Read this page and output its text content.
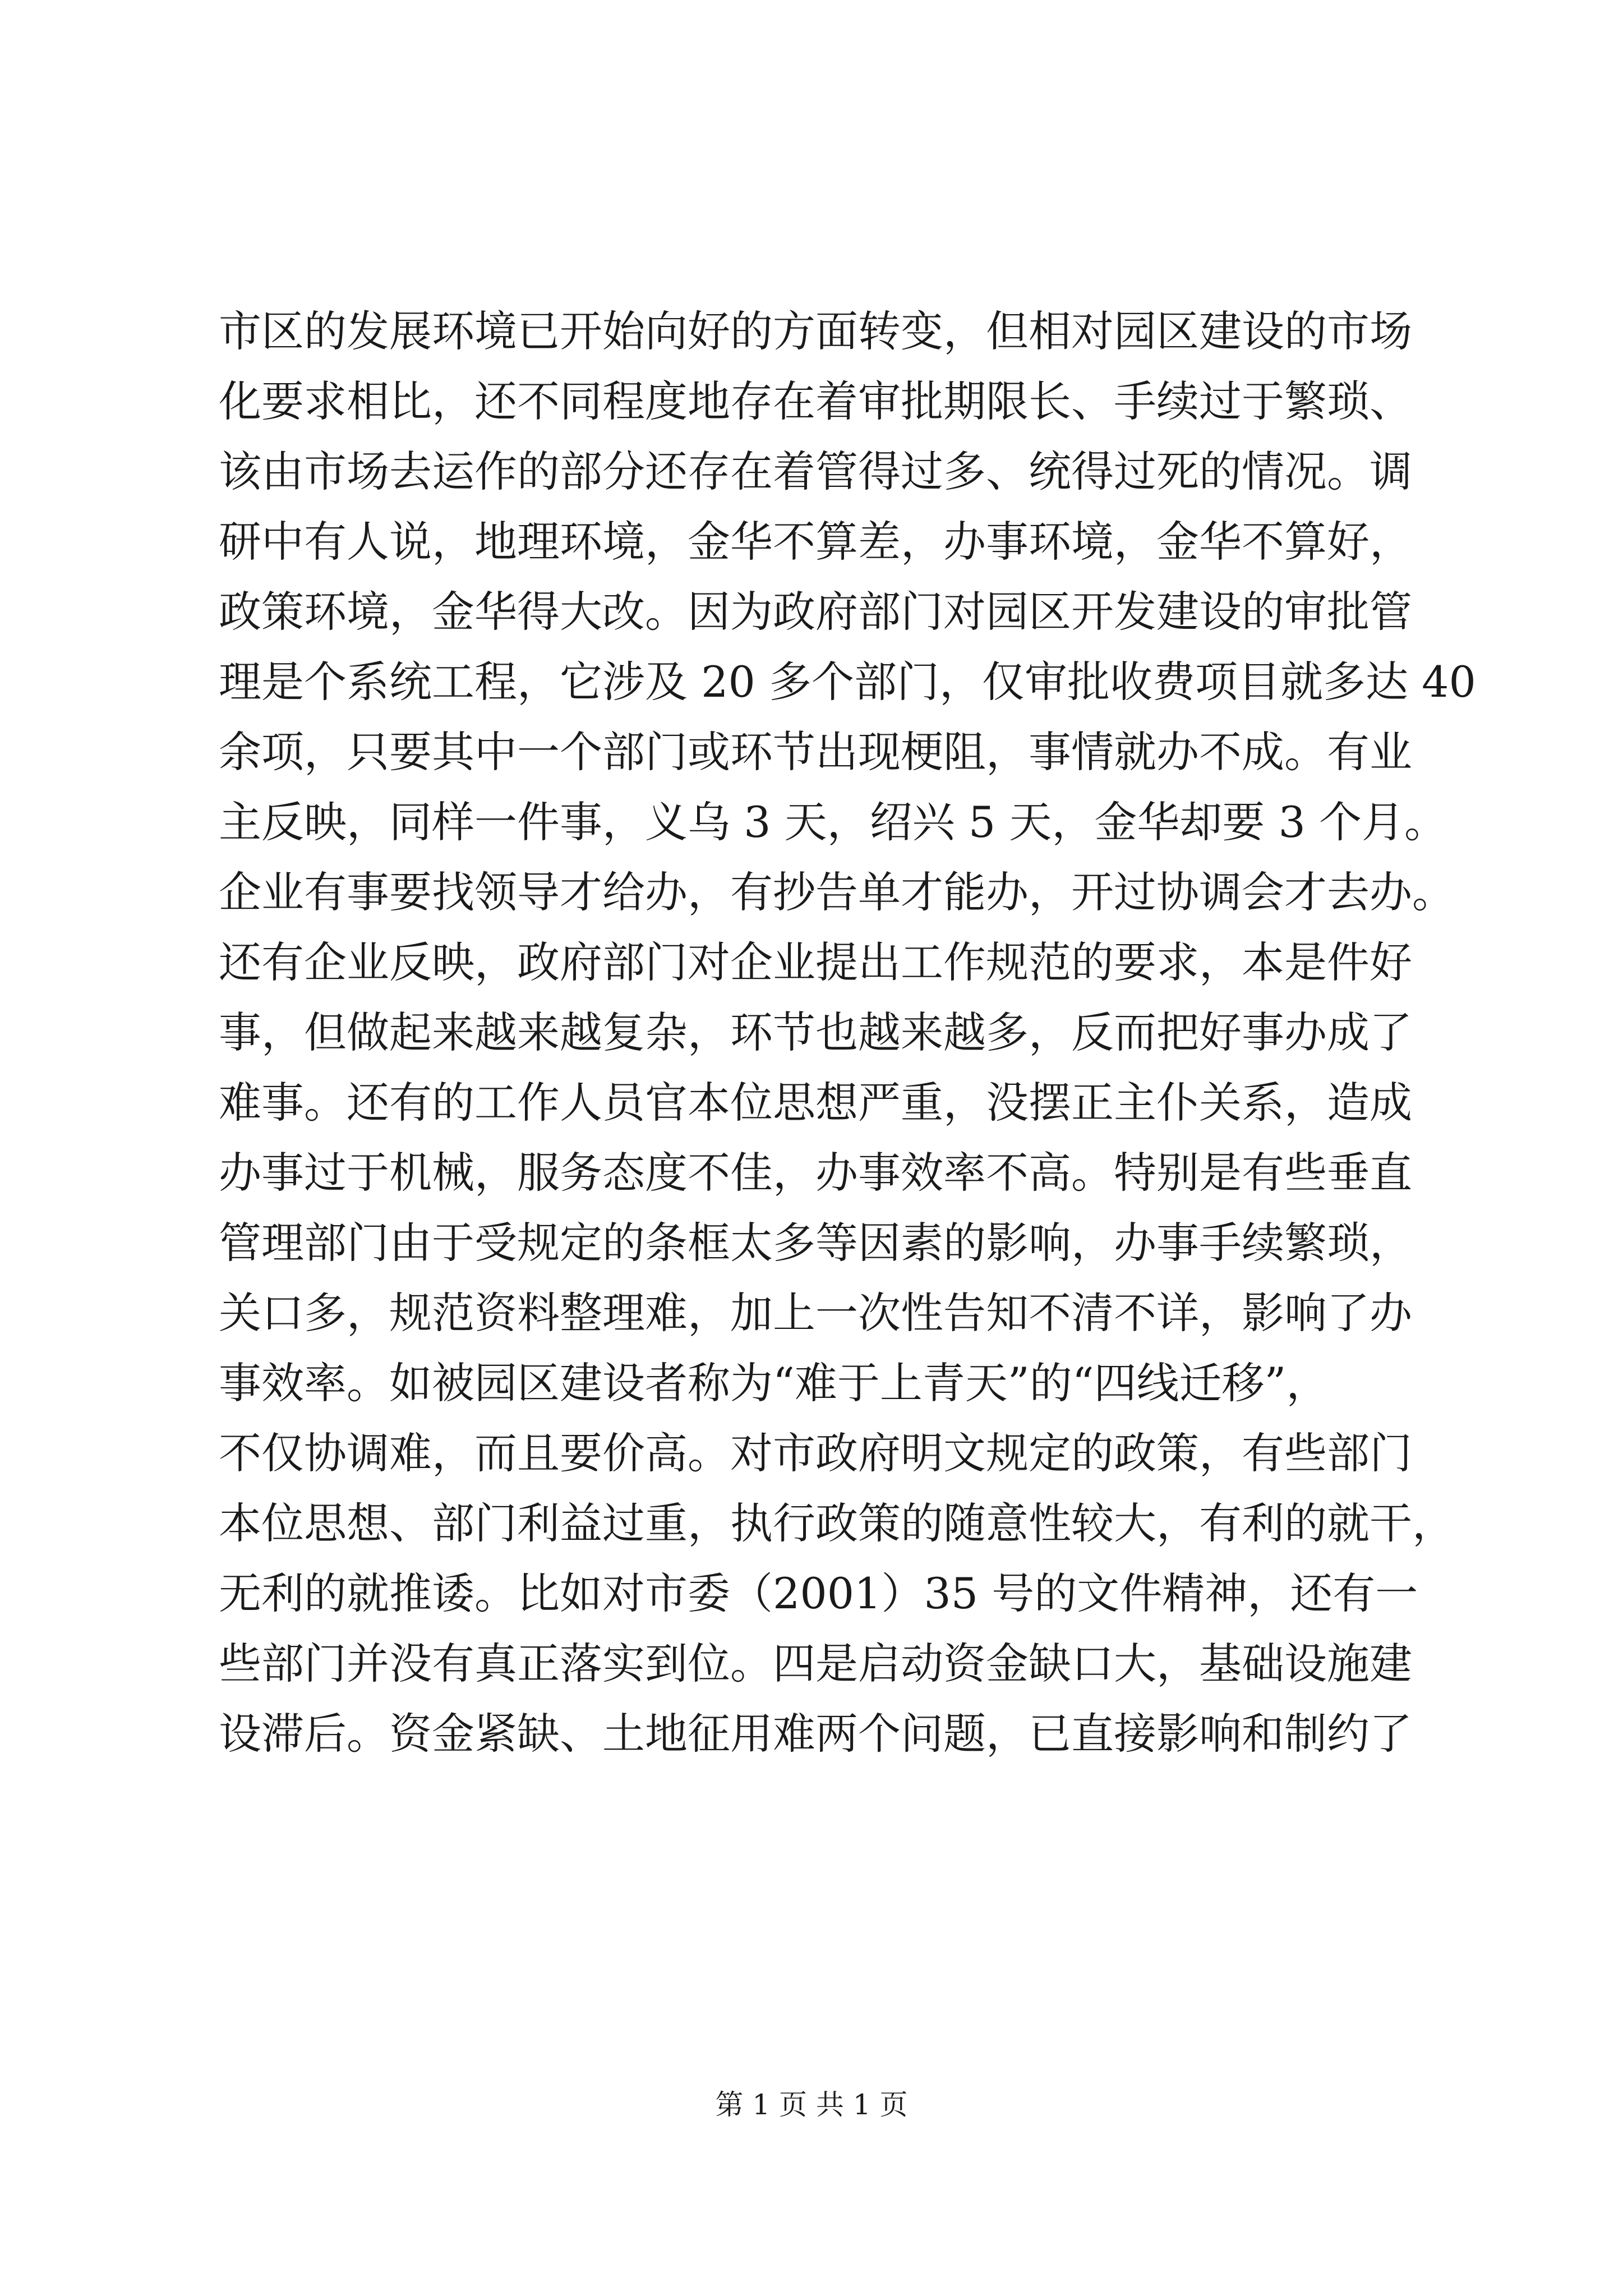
市区的发展环境已开始向好的方面转变，但相对园区建设的市场
化要求相比，还不同程度地存在着审批期限长、手续过于繁琐、
该由市场去运作的部分还存在着管得过多、统得过死的情况。调
研中有人说，地理环境，金华不算差，办事环境，金华不算好，
政策环境，金华得大改。因为政府部门对园区开发建设的审批管
理是个系统工程，它涉及 20 多个部门，仅审批收费项目就多达 40
余项，只要其中一个部门或环节出现梗阻，事情就办不成。有业
主反映，同样一件事，义乌 3 天，绍兴 5 天，金华却要 3 个月。
企业有事要找领导才给办，有抄告单才能办，开过协调会才去办。
还有企业反映，政府部门对企业提出工作规范的要求，本是件好
事，但做起来越来越复杂，环节也越来越多，反而把好事办成了
难事。还有的工作人员官本位思想严重，没摆正主仆关系，造成
办事过于机械，服务态度不佳，办事效率不高。特别是有些垂直
管理部门由于受规定的条框太多等因素的影响，办事手续繁琐，
关口多，规范资料整理难，加上一次性告知不清不详，影响了办
事效率。如被园区建设者称为“难于上青天”的“四线迁移”，
不仅协调难，而且要价高。对市政府明文规定的政策，有些部门
本位思想、部门利益过重，执行政策的随意性较大，有利的就干，
无利的就推诿。比如对市委（2001）35 号的文件精神，还有一
些部门并没有真正落实到位。四是启动资金缺口大，基础设施建
设滞后。资金紧缺、土地征用难两个问题，已直接影响和制约了
第 1 页 共 1 页
